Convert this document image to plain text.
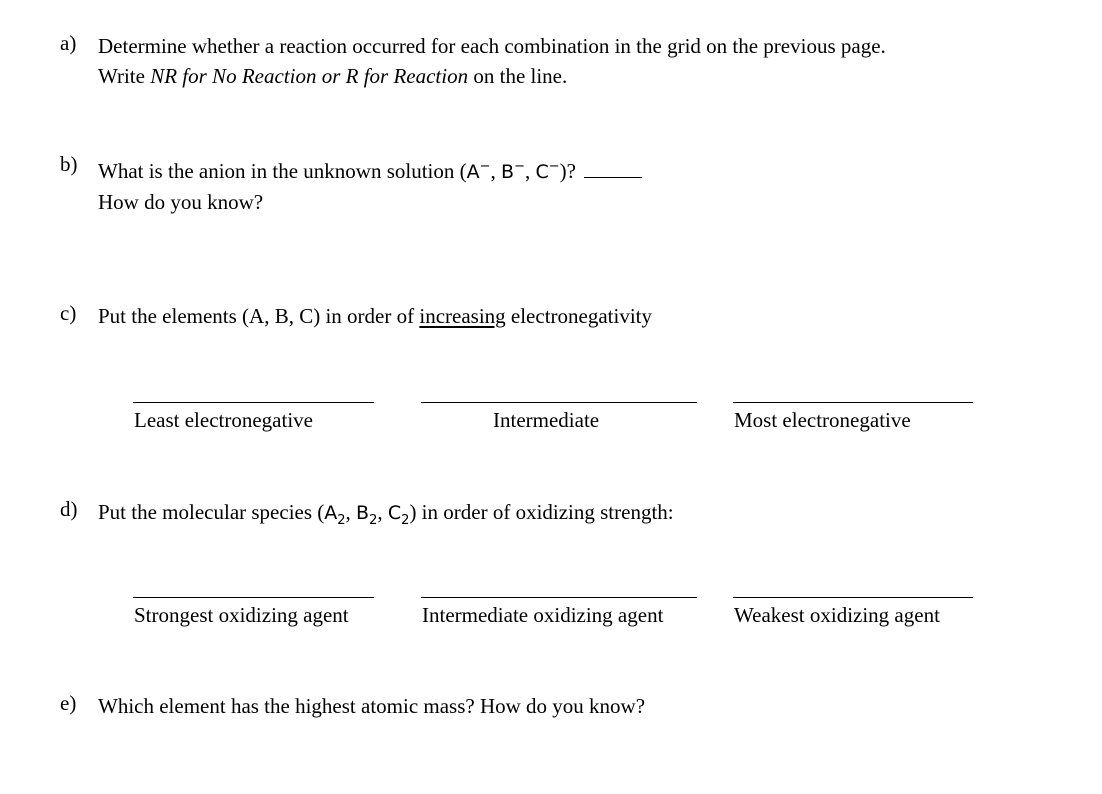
a) Determine whether a reaction occurred for each combination in the grid on the previous page.
Write NR for No Reaction or R for Reaction on the line.
b) What is the anion in the unknown solution (A−, B−, C−)?
How do you know?
c) Put the elements (A, B, C) in order of increasing electronegativity
Least electronegative	Intermediate	Most electronegative
d) Put the molecular species ($A_2$, $B_2$, $C_2$) in order of oxidizing strength:
Strongest oxidizing agent	Intermediate oxidizing agent	Weakest oxidizing agent
e) Which element has the highest atomic mass? How do you know?
